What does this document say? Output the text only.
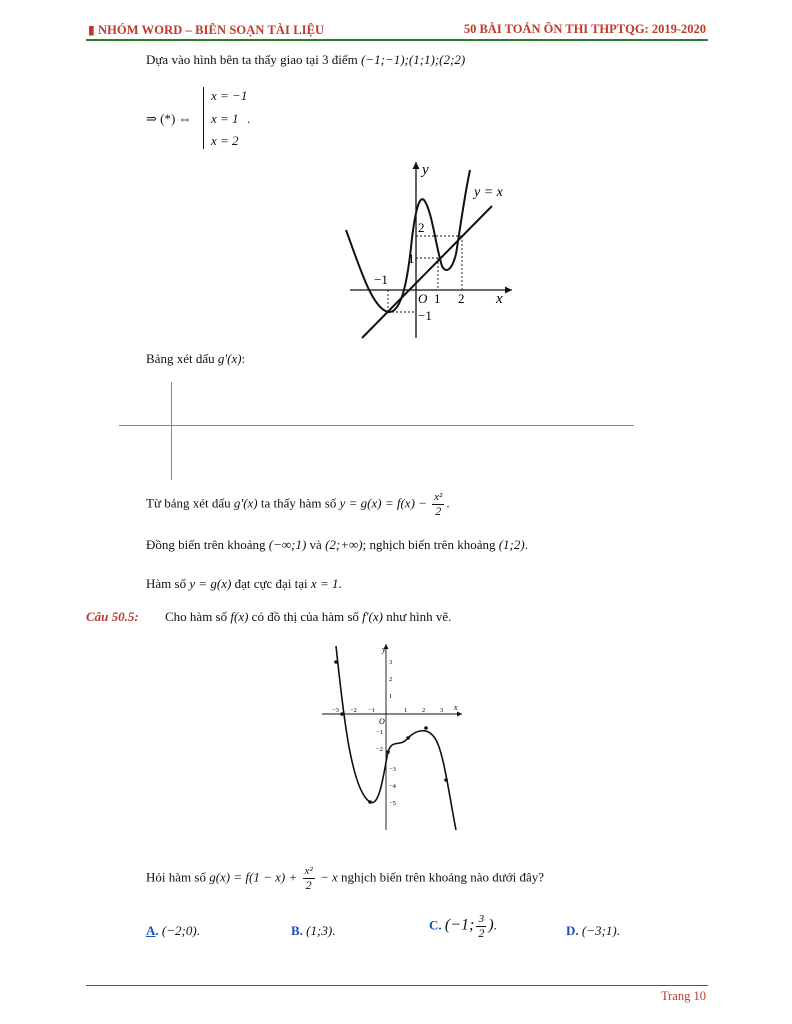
▮ NHÓM WORD – BIÊN SOẠN TÀI LIỆU	50 BÀI TOÁN ÔN THI THPTQG: 2019-2020
Dựa vào hình bên ta thấy giao tại 3 điểm (−1;−1);(1;1);(2;2)
⇒ (*) ⇔
x = −1
x = 1
x = 2
.
y
x
y = x
O
−1
1 2
1
2
−1
Bảng xét dấu g'(x):
Từ bảng xét dấu g'(x) ta thấy hàm số $y = g(x) = f(x) - \frac{\text{x²}}{2}$ .
Đồng biến trên khoảng (−∞;1) và (2;+∞); nghịch biến trên khoảng (1;2).
Hàm số y = g(x) đạt cực đại tại x = 1.
Câu 50.5: Cho hàm số f(x) có đồ thị của hàm số f'(x) như hình vẽ.
y
x
O
−3 −2 −1	1 2 3
3
2
1
−1
−2
−3
−4
−5
Hỏi hàm số $g(x) = f(1 - x) + \frac{\text{x²}}{2} - x$ nghịch biến trên khoảng nào dưới đây?
A. (−2;0).	B. (1;3).	C. (−1; $\frac{3}{2}$ ).	D. (−3;1).
Trang 10
